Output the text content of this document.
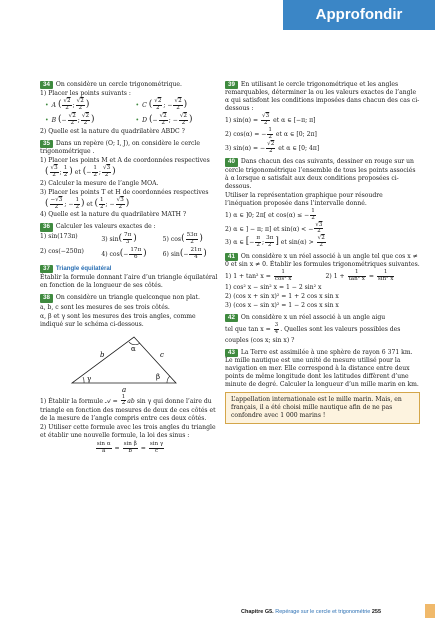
Approfondir
34 On considère un cercle trigonométrique.
1) Placer les points suivants :
• A ( $\frac{√2}{2}$ ; $\frac{√2}{2}$ )	• C ( $\frac{√2}{2}$ ; − $\frac{√2}{2}$ )
• B (− $\frac{√2}{2}$ ; $\frac{√2}{2}$ )	• D (− $\frac{√2}{2}$ ; − $\frac{√2}{2}$ )
2) Quelle est la nature du quadrilatère ABDC ?
35 Dans un repère (O; I, J), on considère le cercle trigonométrique .
1) Placer les points M et A de coordonnées respectives
( $\frac{√3}{2}$ ; $\frac{1}{2}$ ) et (− $\frac{1}{2}$ ; $\frac{√3}{2}$ )
2) Calculer la mesure de l’angle MOA.
3) Placer les points T et H de coordonnées respectives
( $\frac{-√3}{2}$ ; − $\frac{1}{2}$ ) et ( $\frac{1}{2}$ ; − $\frac{√3}{2}$ )
4) Quelle est la nature du quadrilatère MATH ?
36 Calculer les valeurs exactes de :
1) sin(173π)	3) $\sin( \frac{7\pi}{3}$ )	5) $\cos( \frac{53\pi}{2}$ )
2) cos(−250π)	4) $\cos(- \frac{17\pi}{6}$ )	6) $\sin(- \frac{21\pi}{4}$ )
37 Triangle équilatéral
Établir la formule donnant l’aire d’un triangle équilatéral en fonction de la longueur de ses côtés.
38 On considère un triangle quelconque non plat.
a, b, c sont les mesures de ses trois côtés.
α, β et γ sont les mesures des trois angles, comme indiqué sur le schéma ci-dessous.
b	c
a
γ	β
α
1) Établir la formule 𝒜 = $\frac{1}{2}$ ab sin γ qui donne l’aire du triangle en fonction des mesures de deux de ces côtés et de la mesure de l’angle compris entre ces deux côtés.
2) Utiliser cette formule avec les trois angles du triangle et établir une nouvelle formule, la loi des sinus :
$\frac{\text{sin α}}{a} = \frac{\text{sin β}}{b} = \frac{\text{sin γ}}{c}$
39 En utilisant le cercle trigonométrique et les angles remarquables, déterminer la ou les valeurs exactes de l’angle α qui satisfont les conditions imposées dans chacun des cas ci-dessous :
1) $\sin(\alpha) = \frac{√3}{2}$ et α ∈ [−π; π]
2) cos(α) = − $\frac{1}{2}$ et α ∈ [0; 2π]
3) sin(α) = − $\frac{√2}{2}$ et α ∈ [0; 4π]
40 Dans chacun des cas suivants, dessiner en rouge sur un cercle trigonométrique l’ensemble de tous les points associés à α lorsque α satisfait aux deux conditions proposées ci-dessous.
Utiliser la représentation graphique pour résoudre l’inéquation proposée dans l’intervalle donné.
1) α ∈ ]0; 2π[ et cos(α) ≤ − $\frac{1}{2}$
2) α ∈ ] − π; π] et sin(α) < − $\frac{√3}{2}$
3) α ∈ [− $\frac{\pi}{2}$ ; $\frac{3\pi}{2}$ ] et $\sin(\alpha) > \frac{√2}{2}$
41 On considère x un réel associé à un angle tel que cos x ≠ 0 et sin x ≠ 0. Établir les formules trigonométriques suivantes.
1) 1 + tan² $x = \frac{1}{\text{cos² x}}$	2) $1 + \frac{1}{\text{tan² x}} = \frac{1}{\text{sin² x}}$
1) cos² x − sin² x = 1 − 2 sin² x
2) (cos x + sin x)² = 1 + 2 cos x sin x
3) (cos x − sin x)² = 1 − 2 cos x sin x
42 On considère x un réel associé à un angle aigu
tel que $\tan x = \frac{3}{4}$ . Quelles sont les valeurs possibles des
couples (cos x; sin x) ?
43 La Terre est assimilée à une sphère de rayon 6 371 km. Le mille nautique est une unité de mesure utilisé pour la navigation en mer. Elle correspond à la distance entre deux points de même longitude dont les latitudes diffèrent d’une minute de degré. Calculer la longueur d’un mille marin en km.
L’appellation internationale est le mille marin. Mais, en français, il a été choisi mille nautique afin de ne pas confondre avec 1 000 marins !
Chapitre G5. Repérage sur le cercle et trigonométrie 255
